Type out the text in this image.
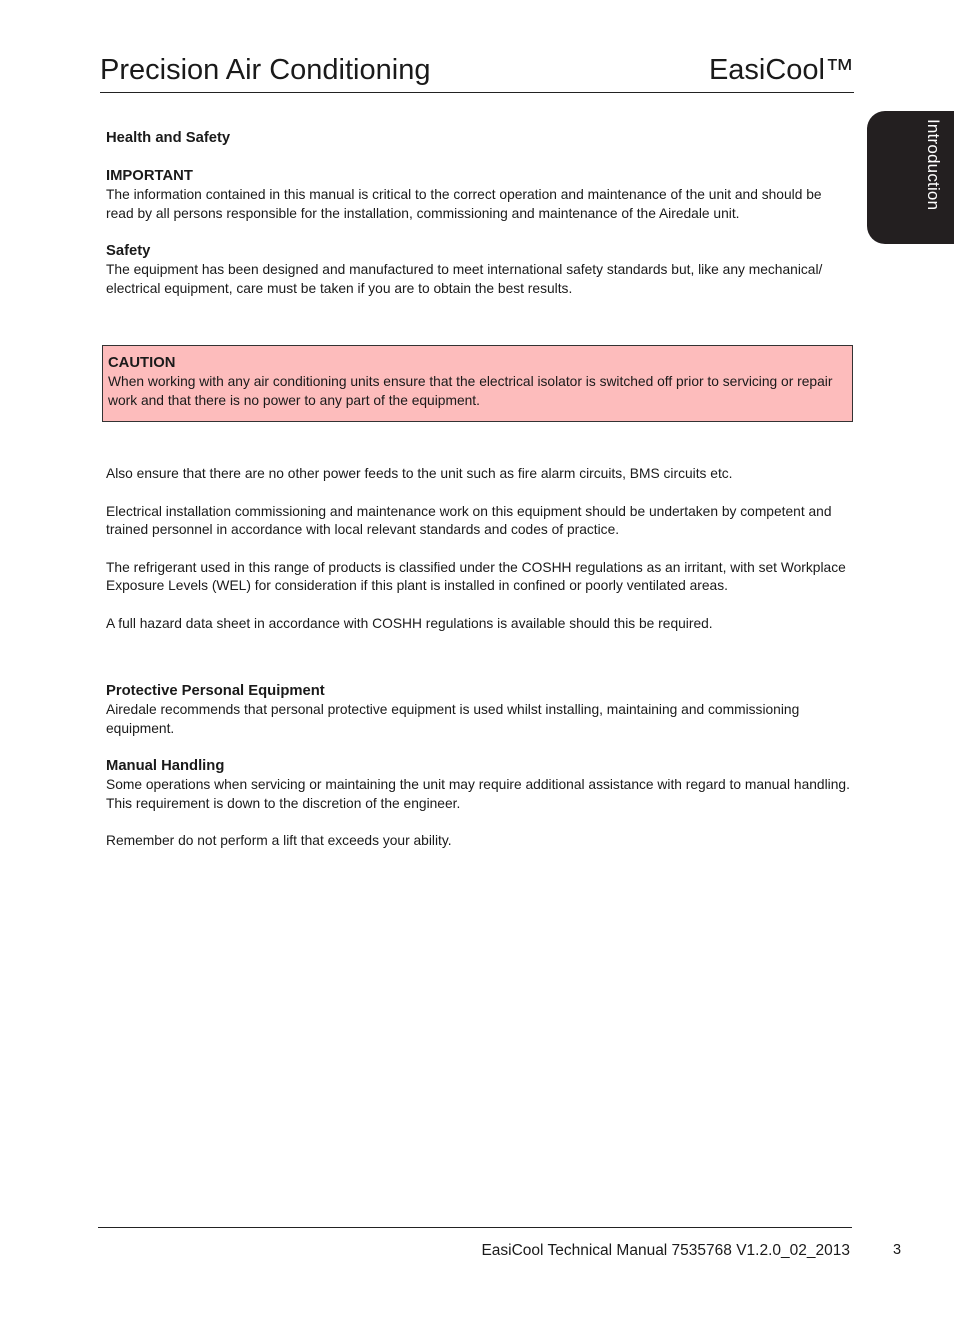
Precision Air Conditioning	EasiCool™
Introduction

Health and Safety

IMPORTANT

The information contained in this manual is critical to the correct operation and maintenance of the unit and should be read by all persons responsible for the installation, commissioning and maintenance of the Airedale unit.

Safety

The equipment has been designed and manufactured to meet international safety standards but, like any mechanical/ electrical equipment, care must be taken if you are to obtain the best results.

CAUTION
When working with any air conditioning units ensure that the electrical isolator is switched off prior to servicing or repair work and that there is no power to any part of the equipment.

Also ensure that there are no other power feeds to the unit such as fire alarm circuits, BMS circuits etc.

Electrical installation commissioning and maintenance work on this equipment should be undertaken by competent and trained personnel in accordance with local relevant standards and codes of practice.

The refrigerant used in this range of products is classified under the COSHH regulations as an irritant, with set Workplace Exposure Levels (WEL) for consideration if this plant is installed in confined or poorly ventilated areas.

A full hazard data sheet in accordance with COSHH regulations is available should this be required.

Protective Personal Equipment

Airedale recommends that personal protective equipment is used whilst installing, maintaining and commissioning equipment.

Manual Handling

Some operations when servicing or maintaining the unit may require additional assistance with regard to manual handling. This requirement is down to the discretion of the engineer.

Remember do not perform a lift that exceeds your ability.

EasiCool Technical Manual 7535768 V1.2.0_02_2013	3
